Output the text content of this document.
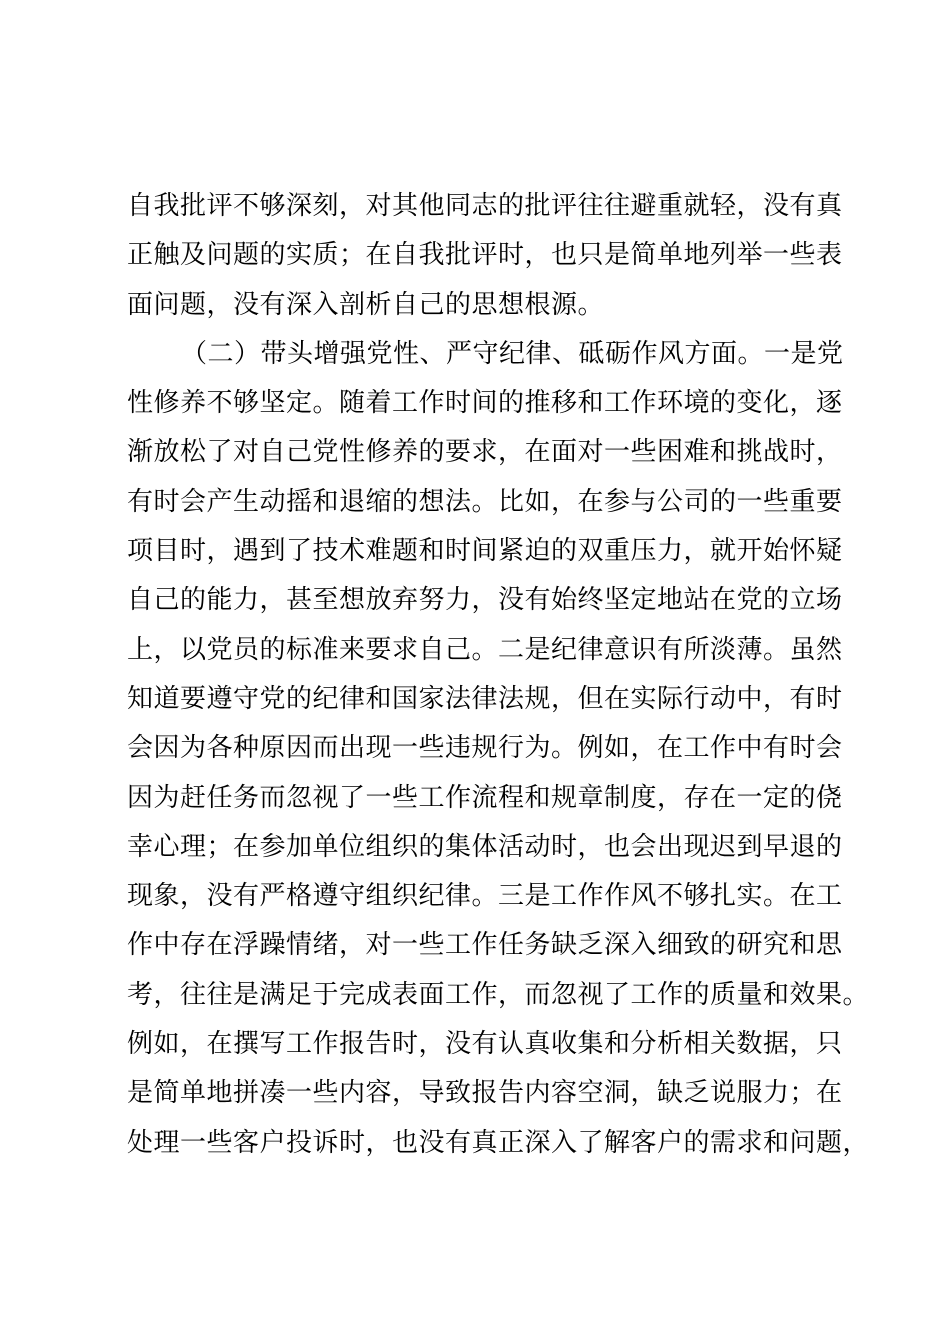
自我批评不够深刻，对其他同志的批评往往避重就轻，没有真
正触及问题的实质；在自我批评时，也只是简单地列举一些表
面问题，没有深入剖析自己的思想根源。
（二）带头增强党性、严守纪律、砥砺作风方面。一是党
性修养不够坚定。随着工作时间的推移和工作环境的变化，逐
渐放松了对自己党性修养的要求，在面对一些困难和挑战时，
有时会产生动摇和退缩的想法。比如，在参与公司的一些重要
项目时，遇到了技术难题和时间紧迫的双重压力，就开始怀疑
自己的能力，甚至想放弃努力，没有始终坚定地站在党的立场
上，以党员的标准来要求自己。二是纪律意识有所淡薄。虽然
知道要遵守党的纪律和国家法律法规，但在实际行动中，有时
会因为各种原因而出现一些违规行为。例如，在工作中有时会
因为赶任务而忽视了一些工作流程和规章制度，存在一定的侥
幸心理；在参加单位组织的集体活动时，也会出现迟到早退的
现象，没有严格遵守组织纪律。三是工作作风不够扎实。在工
作中存在浮躁情绪，对一些工作任务缺乏深入细致的研究和思
考，往往是满足于完成表面工作，而忽视了工作的质量和效果。
例如，在撰写工作报告时，没有认真收集和分析相关数据，只
是简单地拼凑一些内容，导致报告内容空洞，缺乏说服力；在
处理一些客户投诉时，也没有真正深入了解客户的需求和问题，
